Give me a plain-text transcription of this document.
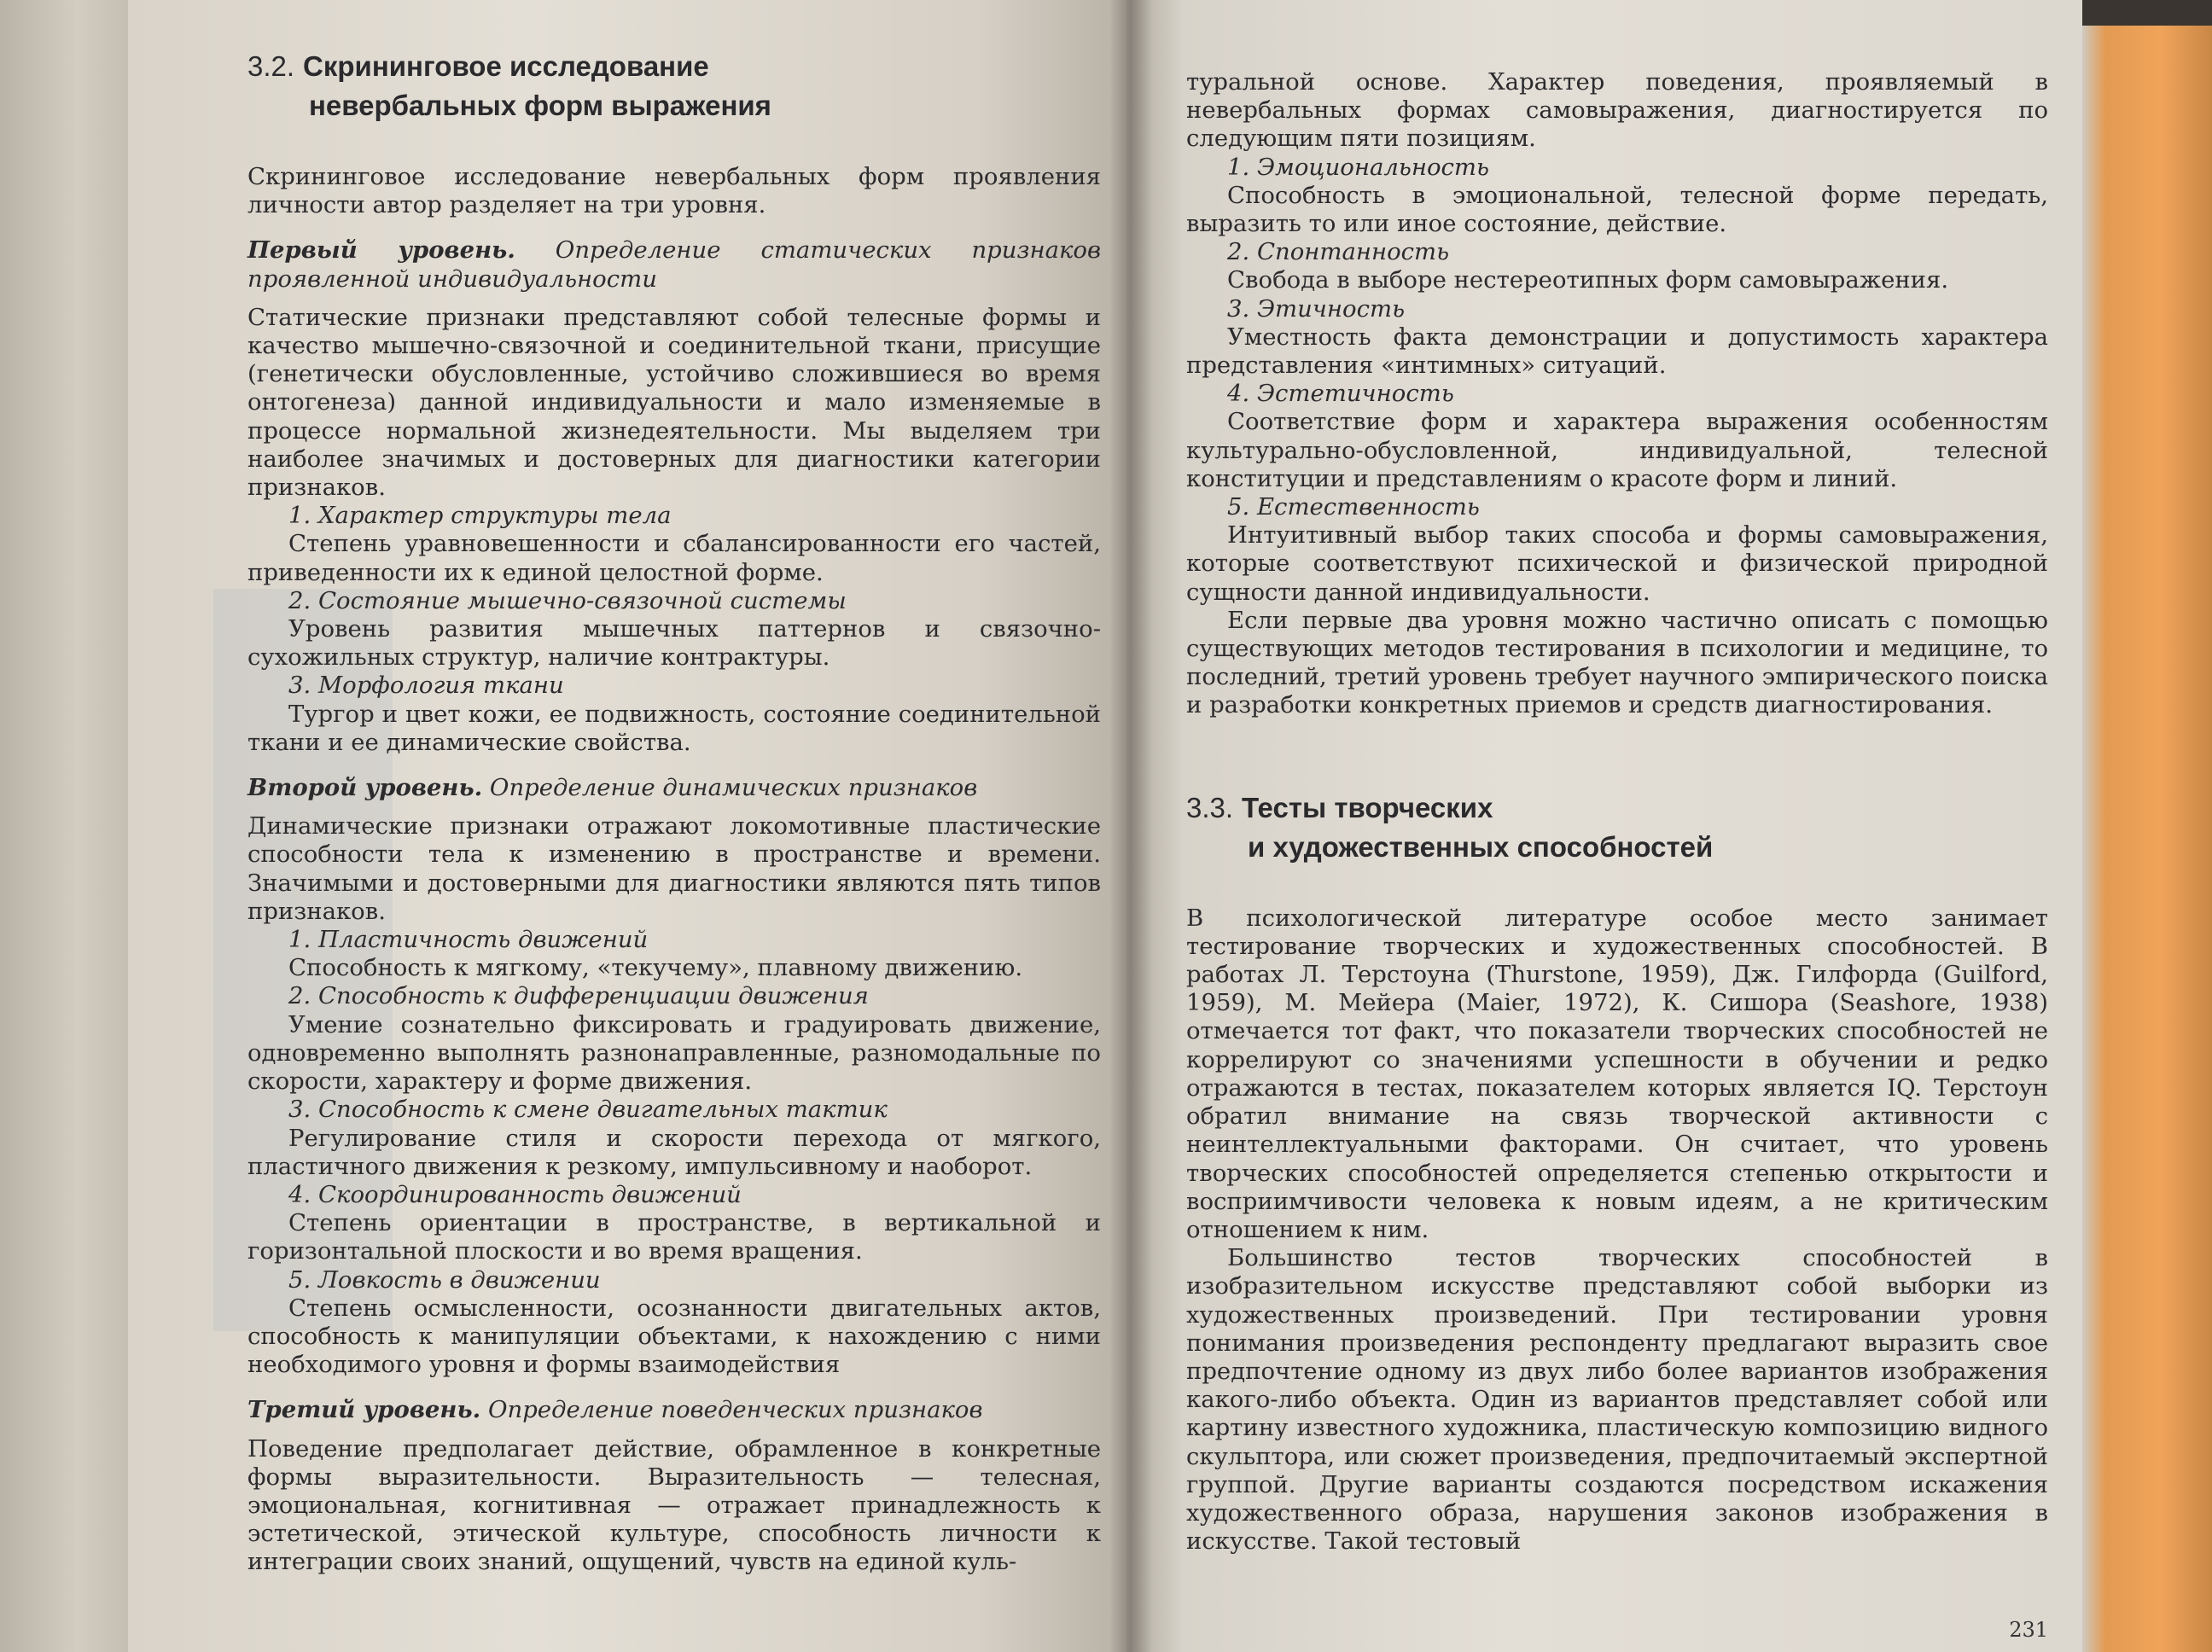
3.2. Скрининговое исследование
невербальных форм выражения

Скрининговое исследование невербальных форм проявления личности автор разделяет на три уровня.

Первый уровень. Определение статических признаков проявленной индивидуальности

Статические признаки представляют собой телесные формы и качество мышечно-связочной и соединительной ткани, присущие (генетически обусловленные, устойчиво сложившиеся во время онтогенеза) данной индивидуальности и мало изменяемые в процессе нормальной жизнедеятельности. Мы выделяем три наиболее значимых и достоверных для диагностики категории признаков.

1. Характер структуры тела

Степень уравновешенности и сбалансированности его частей, приведенности их к единой целостной форме.

2. Состояние мышечно-связочной системы

Уровень развития мышечных паттернов и связочно-сухожильных структур, наличие контрактуры.

3. Морфология ткани

Тургор и цвет кожи, ее подвижность, состояние соединительной ткани и ее динамические свойства.

Второй уровень. Определение динамических признаков

Динамические признаки отражают локомотивные пластические способности тела к изменению в пространстве и времени. Значимыми и достоверными для диагностики являются пять типов признаков.

1. Пластичность движений

Способность к мягкому, «текучему», плавному движению.

2. Способность к дифференциации движения

Умение сознательно фиксировать и градуировать движение, одновременно выполнять разнонаправленные, разномодальные по скорости, характеру и форме движения.

3. Способность к смене двигательных тактик

Регулирование стиля и скорости перехода от мягкого, пластичного движения к резкому, импульсивному и наоборот.

4. Скоординированность движений

Степень ориентации в пространстве, в вертикальной и горизонтальной плоскости и во время вращения.

5. Ловкость в движении

Степень осмысленности, осознанности двигательных актов, способность к манипуляции объектами, к нахождению с ними необходимого уровня и формы взаимодействия

Третий уровень. Определение поведенческих признаков

Поведение предполагает действие, обрамленное в конкретные формы выразительности. Выразительность — телесная, эмоциональная, когнитивная — отражает принадлежность к эстетической, этической культуре, способность личности к интеграции своих знаний, ощущений, чувств на единой куль-

туральной основе. Характер поведения, проявляемый в невербальных формах самовыражения, диагностируется по следующим пяти позициям.

1. Эмоциональность

Способность в эмоциональной, телесной форме передать, выразить то или иное состояние, действие.

2. Спонтанность

Свобода в выборе нестереотипных форм самовыражения.

3. Этичность

Уместность факта демонстрации и допустимость характера представления «интимных» ситуаций.

4. Эстетичность

Соответствие форм и характера выражения особенностям культурально-обусловленной, индивидуальной, телесной конституции и представлениям о красоте форм и линий.

5. Естественность

Интуитивный выбор таких способа и формы самовыражения, которые соответствуют психической и физической природной сущности данной индивидуальности.

Если первые два уровня можно частично описать с помощью существующих методов тестирования в психологии и медицине, то последний, третий уровень требует научного эмпирического поиска и разработки конкретных приемов и средств диагностирования.

3.3. Тесты творческих
и художественных способностей

В психологической литературе особое место занимает тестирование творческих и художественных способностей. В работах Л. Терстоуна (Thurstone, 1959), Дж. Гилфорда (Guilford, 1959), М. Мейера (Maier, 1972), К. Сишора (Seashore, 1938) отмечается тот факт, что показатели творческих способностей не коррелируют со значениями успешности в обучении и редко отражаются в тестах, показателем которых является IQ. Терстоун обратил внимание на связь творческой активности с неинтеллектуальными факторами. Он считает, что уровень творческих способностей определяется степенью открытости и восприимчивости человека к новым идеям, а не критическим отношением к ним.

Большинство тестов творческих способностей в изобразительном искусстве представляют собой выборки из художественных произведений. При тестировании уровня понимания произведения респонденту предлагают выразить свое предпочтение одному из двух либо более вариантов изображения какого-либо объекта. Один из вариантов представляет собой или картину известного художника, пластическую композицию видного скульптора, или сюжет произведения, предпочитаемый экспертной группой. Другие варианты создаются посредством искажения художественного образа, нарушения законов изображения в искусстве. Такой тестовый

231
